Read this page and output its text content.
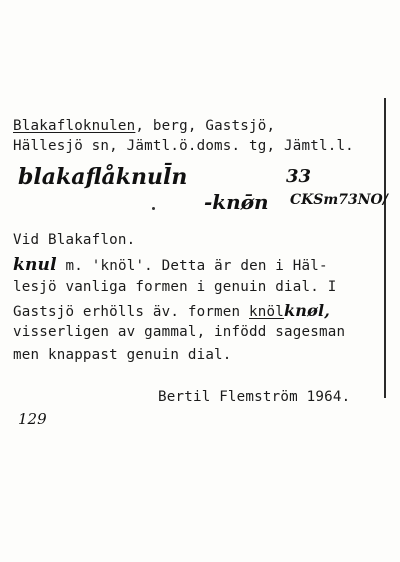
Blakafloknulen, berg, Gastsjö,
Hällesjö sn, Jämtl.ö.doms. tg, Jämtl.l.
blakaflåknul̄n	33
-knø̄n CKSm73NO/
Vid Blakaflon.
knul m. 'knöl'. Detta är den i Häl-
lesjö vanliga formen i genuin dial. I
Gastsjö erhölls äv. formen knölknøl,
visserligen av gammal, infödd sagesman
men knappast genuin dial.
Bertil Flemström 1964.
129
